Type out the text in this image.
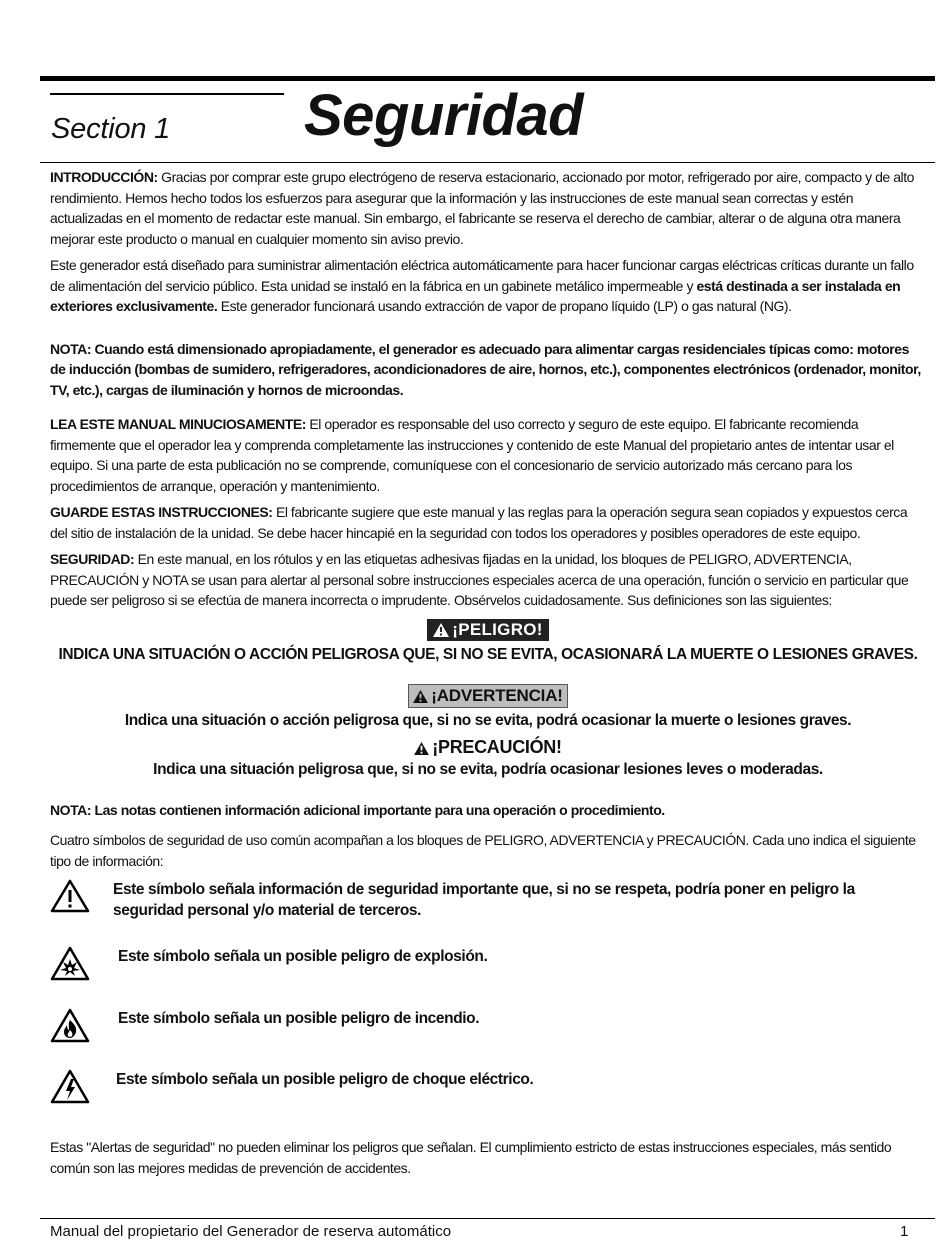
Section 1 Seguridad

INTRODUCCIÓN: Gracias por comprar este grupo electrógeno de reserva estacionario, accionado por motor, refrigerado por aire, compacto y de alto rendimiento. Hemos hecho todos los esfuerzos para asegurar que la información y las instrucciones de este manual sean correctas y estén actualizadas en el momento de redactar este manual. Sin embargo, el fabricante se reserva el derecho de cambiar, alterar o de alguna otra manera mejorar este producto o manual en cualquier momento sin aviso previo.

Este generador está diseñado para suministrar alimentación eléctrica automáticamente para hacer funcionar cargas eléctricas críticas durante un fallo de alimentación del servicio público. Esta unidad se instaló en la fábrica en un gabinete metálico impermeable y está destinada a ser instalada en exteriores exclusivamente. Este generador funcionará usando extracción de vapor de propano líquido (LP) o gas natural (NG).

NOTA: Cuando está dimensionado apropiadamente, el generador es adecuado para alimentar cargas residenciales típicas como: motores de inducción (bombas de sumidero, refrigeradores, acondicionadores de aire, hornos, etc.), componentes electrónicos (ordenador, monitor, TV, etc.), cargas de iluminación y hornos de microondas.

LEA ESTE MANUAL MINUCIOSAMENTE: El operador es responsable del uso correcto y seguro de este equipo. El fabricante recomienda firmemente que el operador lea y comprenda completamente las instrucciones y contenido de este Manual del propietario antes de intentar usar el equipo. Si una parte de esta publicación no se comprende, comuníquese con el concesionario de servicio autorizado más cercano para los procedimientos de arranque, operación y mantenimiento.

GUARDE ESTAS INSTRUCCIONES: El fabricante sugiere que este manual y las reglas para la operación segura sean copiados y expuestos cerca del sitio de instalación de la unidad. Se debe hacer hincapié en la seguridad con todos los operadores y posibles operadores de este equipo.

SEGURIDAD: En este manual, en los rótulos y en las etiquetas adhesivas fijadas en la unidad, los bloques de PELIGRO, ADVERTENCIA, PRECAUCIÓN y NOTA se usan para alertar al personal sobre instrucciones especiales acerca de una operación, función o servicio en particular que puede ser peligroso si se efectúa de manera incorrecta o imprudente. Obsérvelos cuidadosamente. Sus definiciones son las siguientes:

¡PELIGRO!
INDICA UNA SITUACIÓN O ACCIÓN PELIGROSA QUE, SI NO SE EVITA, OCASIONARÁ LA MUERTE O LESIONES GRAVES.
¡ADVERTENCIA!
Indica una situación o acción peligrosa que, si no se evita, podrá ocasionar la muerte o lesiones graves.
¡PRECAUCIÓN!
Indica una situación peligrosa que, si no se evita, podría ocasionar lesiones leves o moderadas.

NOTA: Las notas contienen información adicional importante para una operación o procedimiento.

Cuatro símbolos de seguridad de uso común acompañan a los bloques de PELIGRO, ADVERTENCIA y PRECAUCIÓN. Cada uno indica el siguiente tipo de información:

Este símbolo señala información de seguridad importante que, si no se respeta, podría poner en peligro la seguridad personal y/o material de terceros.
Este símbolo señala un posible peligro de explosión.
Este símbolo señala un posible peligro de incendio.
Este símbolo señala un posible peligro de choque eléctrico.

Estas "Alertas de seguridad" no pueden eliminar los peligros que señalan. El cumplimiento estricto de estas instrucciones especiales, más sentido común son las mejores medidas de prevención de accidentes.

Manual del propietario del Generador de reserva automático	1
